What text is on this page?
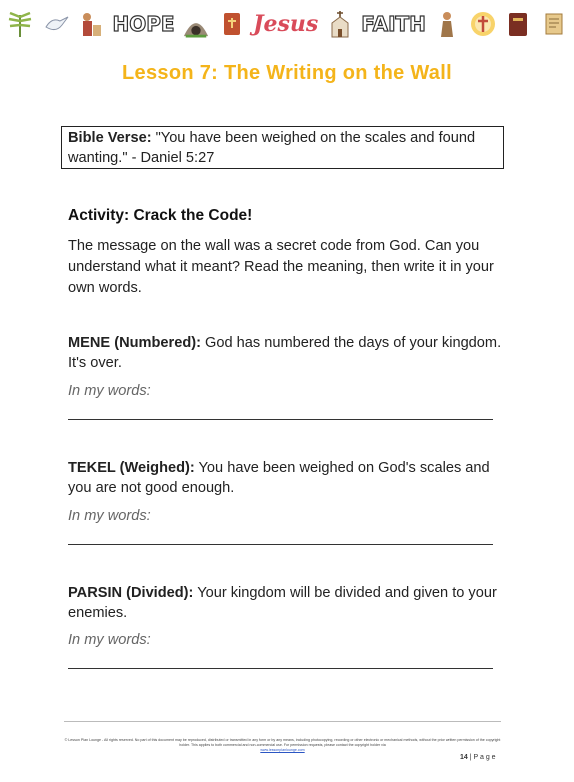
HOPE	Jesus FAITH
Lesson 7: The Writing on the Wall
Bible Verse: "You have been weighed on the scales and found wanting." - Daniel 5:27
Activity: Crack the Code!
The message on the wall was a secret code from God. Can you understand what it meant? Read the meaning, then write it in your own words.
MENE (Numbered): God has numbered the days of your kingdom. It's over.
In my words:
TEKEL (Weighed): You have been weighed on God's scales and you are not good enough.
In my words:
PARSIN (Divided): Your kingdom will be divided and given to your enemies.
In my words:
© Lesson Plan Lounge - All rights reserved. No part of this document may be reproduced, distributed or transmitted in any form or by any means, including photocopying, recording or other electronic or mechanical methods, without the prior written permission of the copyright holder. This applies to both commercial and non-commercial use. For permission requests, please contact the copyright holder via
www.lessonplanlounge.com
14 | P a g e
